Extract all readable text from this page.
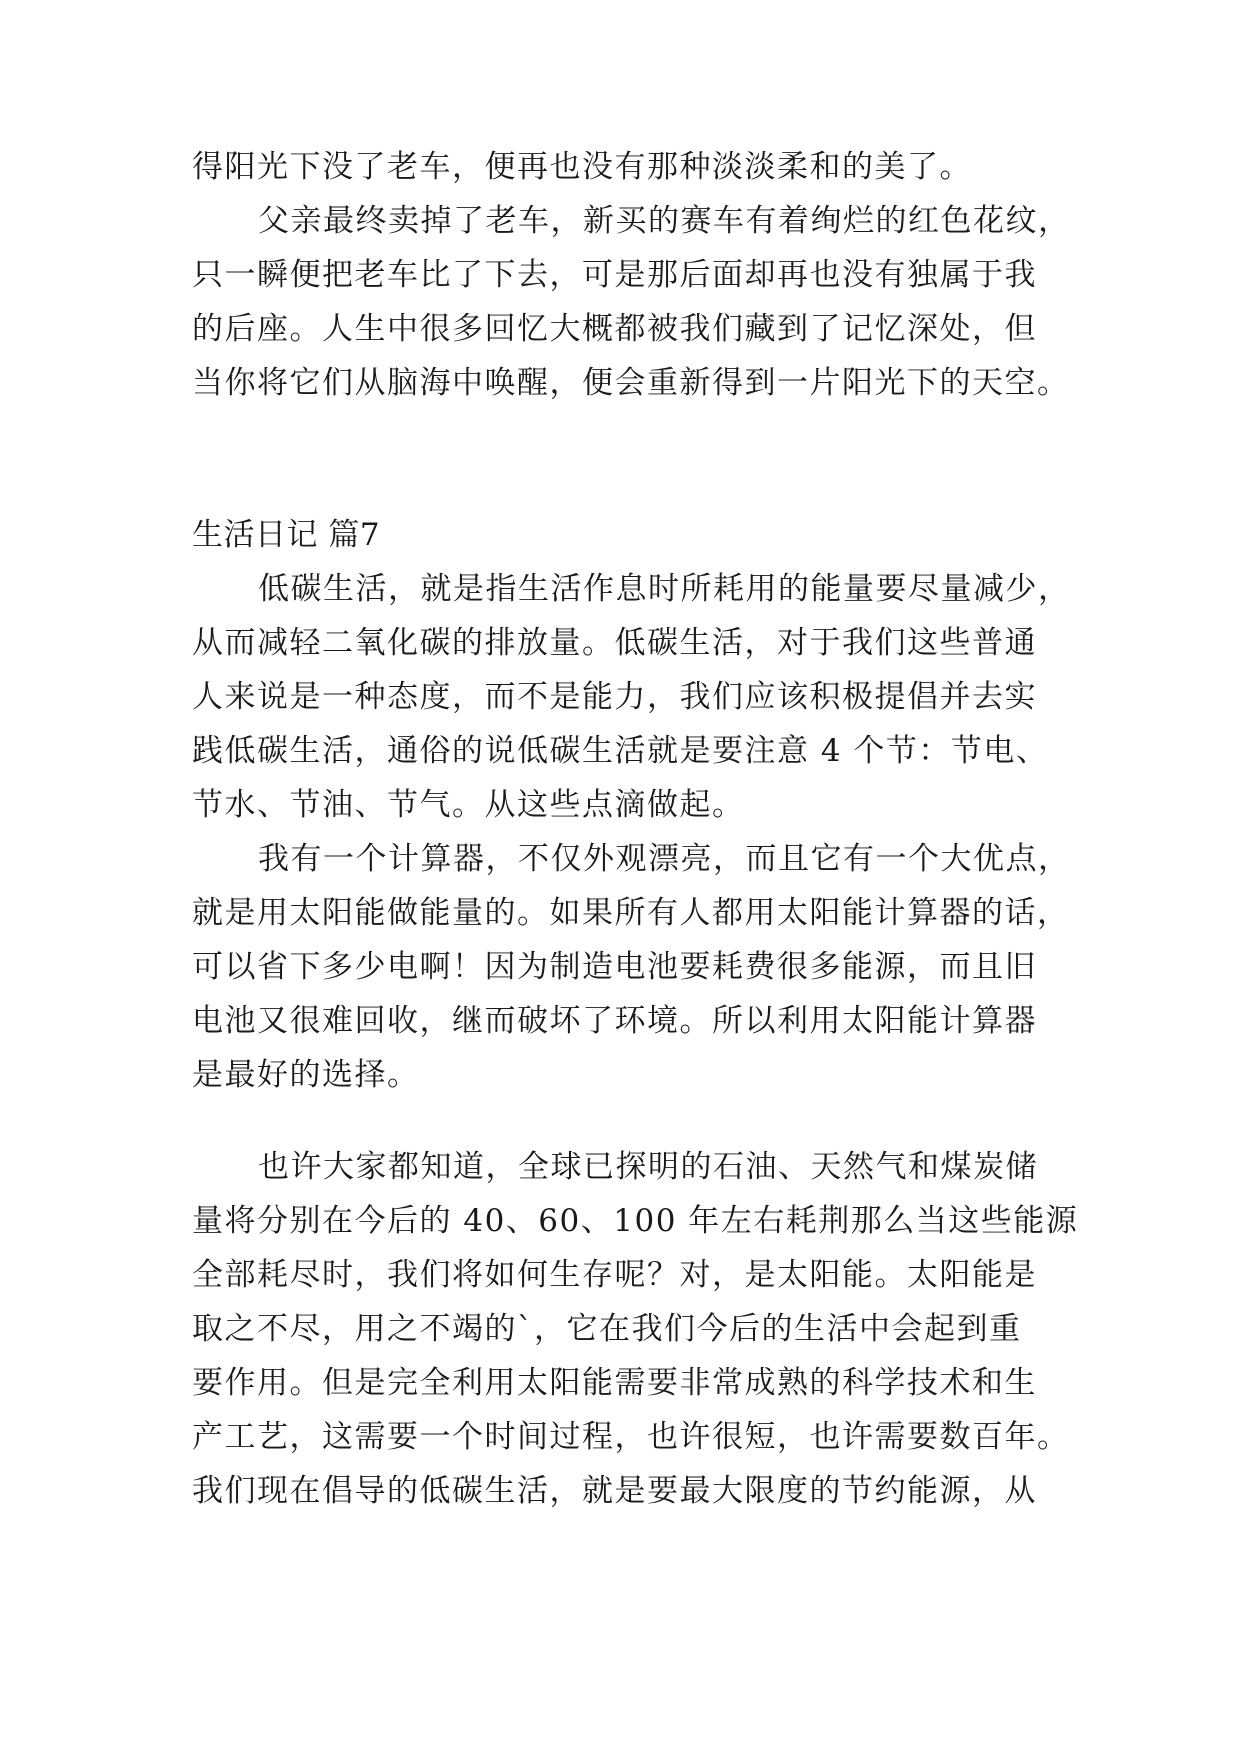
得阳光下没了老车，便再也没有那种淡淡柔和的美了。
父亲最终卖掉了老车，新买的赛车有着绚烂的红色花纹，
只一瞬便把老车比了下去，可是那后面却再也没有独属于我
的后座。人生中很多回忆大概都被我们藏到了记忆深处，但
当你将它们从脑海中唤醒，便会重新得到一片阳光下的天空。
生活日记 篇7
低碳生活，就是指生活作息时所耗用的能量要尽量减少，
从而减轻二氧化碳的排放量。低碳生活，对于我们这些普通
人来说是一种态度，而不是能力，我们应该积极提倡并去实
践低碳生活，通俗的说低碳生活就是要注意 4 个节：节电、
节水、节油、节气。从这些点滴做起。
我有一个计算器，不仅外观漂亮，而且它有一个大优点，
就是用太阳能做能量的。如果所有人都用太阳能计算器的话，
可以省下多少电啊！因为制造电池要耗费很多能源，而且旧
电池又很难回收，继而破坏了环境。所以利用太阳能计算器
是最好的选择。
也许大家都知道，全球已探明的石油、天然气和煤炭储
量将分别在今后的 40、60、100 年左右耗荆那么当这些能源
全部耗尽时，我们将如何生存呢？对，是太阳能。太阳能是
取之不尽，用之不竭的`，它在我们今后的生活中会起到重
要作用。但是完全利用太阳能需要非常成熟的科学技术和生
产工艺，这需要一个时间过程，也许很短，也许需要数百年。
我们现在倡导的低碳生活，就是要最大限度的节约能源，从
